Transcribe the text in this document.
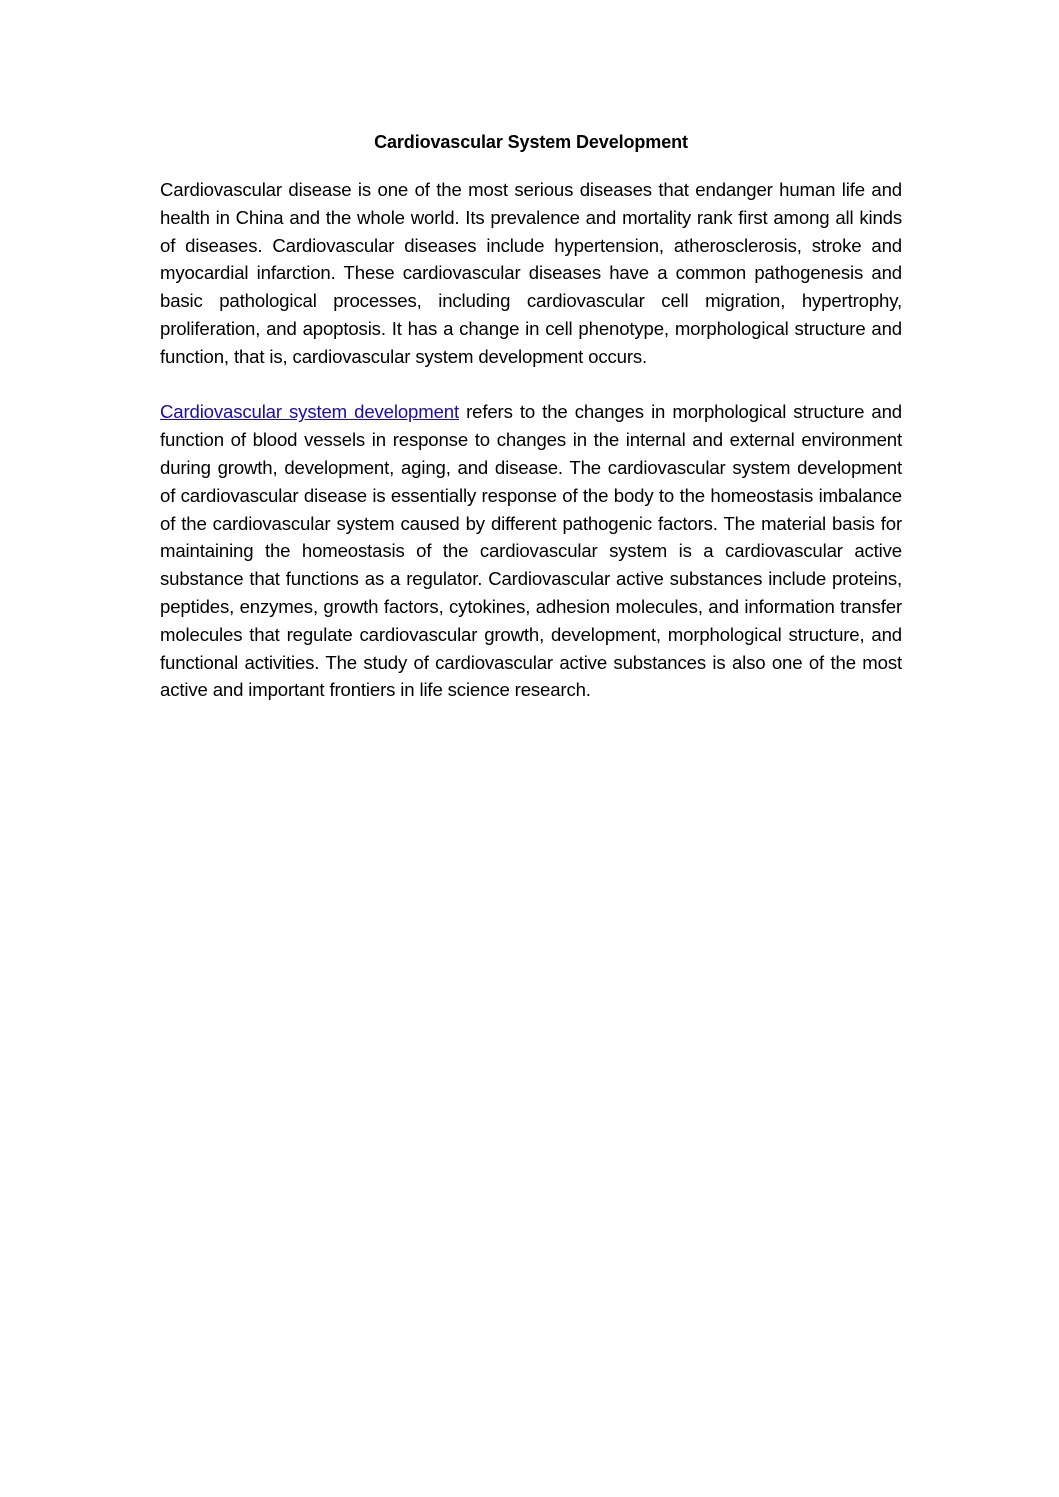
Cardiovascular System Development

Cardiovascular disease is one of the most serious diseases that endanger human life and health in China and the whole world. Its prevalence and mortality rank first among all kinds of diseases. Cardiovascular diseases include hypertension, atherosclerosis, stroke and myocardial infarction. These cardiovascular diseases have a common pathogenesis and basic pathological processes, including cardiovascular cell migration, hypertrophy, proliferation, and apoptosis. It has a change in cell phenotype, morphological structure and function, that is, cardiovascular system development occurs.

Cardiovascular system development refers to the changes in morphological structure and function of blood vessels in response to changes in the internal and external environment during growth, development, aging, and disease. The cardiovascular system development of cardiovascular disease is essentially response of the body to the homeostasis imbalance of the cardiovascular system caused by different pathogenic factors. The material basis for maintaining the homeostasis of the cardiovascular system is a cardiovascular active substance that functions as a regulator. Cardiovascular active substances include proteins, peptides, enzymes, growth factors, cytokines, adhesion molecules, and information transfer molecules that regulate cardiovascular growth, development, morphological structure, and functional activities. The study of cardiovascular active substances is also one of the most active and important frontiers in life science research.
